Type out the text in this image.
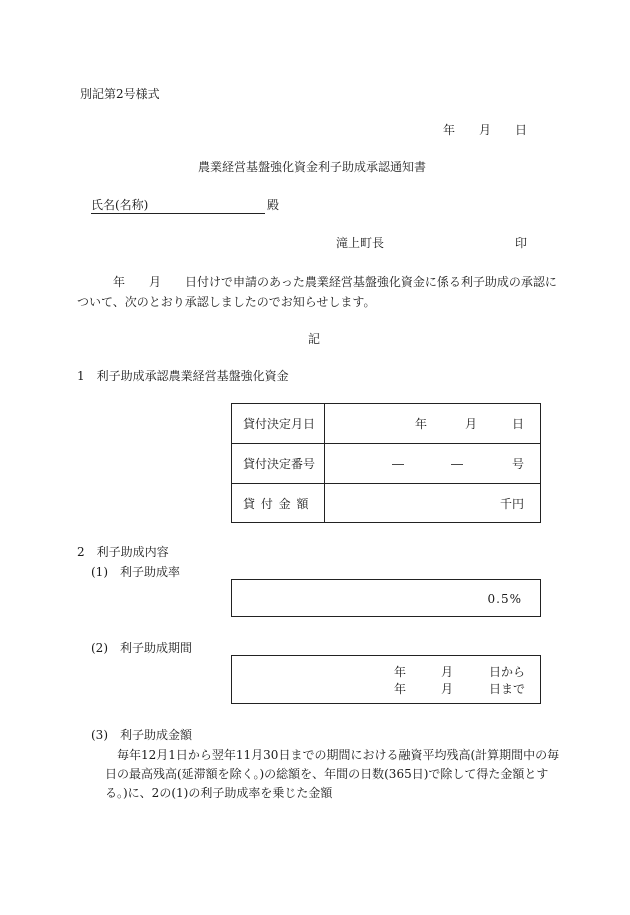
別記第2号様式
年 月 日
農業経営基盤強化資金利子助成承認通知書
氏名(名称)	殿
滝上町長	印
年 月 日付けで申請のあった農業経営基盤強化資金に係る利子助成の承認に
ついて、次のとおり承認しましたのでお知らせします。
記
1　利子助成承認農業経営基盤強化資金
貸付決定月日	年	月	日
貸付決定番号	―	―	号
貸 付 金 額	千円
2　利子助成内容
(1)　利子助成率
0.5%
(2)　利子助成期間
年	月	日から
年	月	日まで
(3)　利子助成金額
毎年12月1日から翌年11月30日までの期間における融資平均残高(計算期間中の毎
日の最高残高(延滞額を除く。)の総額を、年間の日数(365日)で除して得た金額とす
る。)に、2の(1)の利子助成率を乗じた金額
